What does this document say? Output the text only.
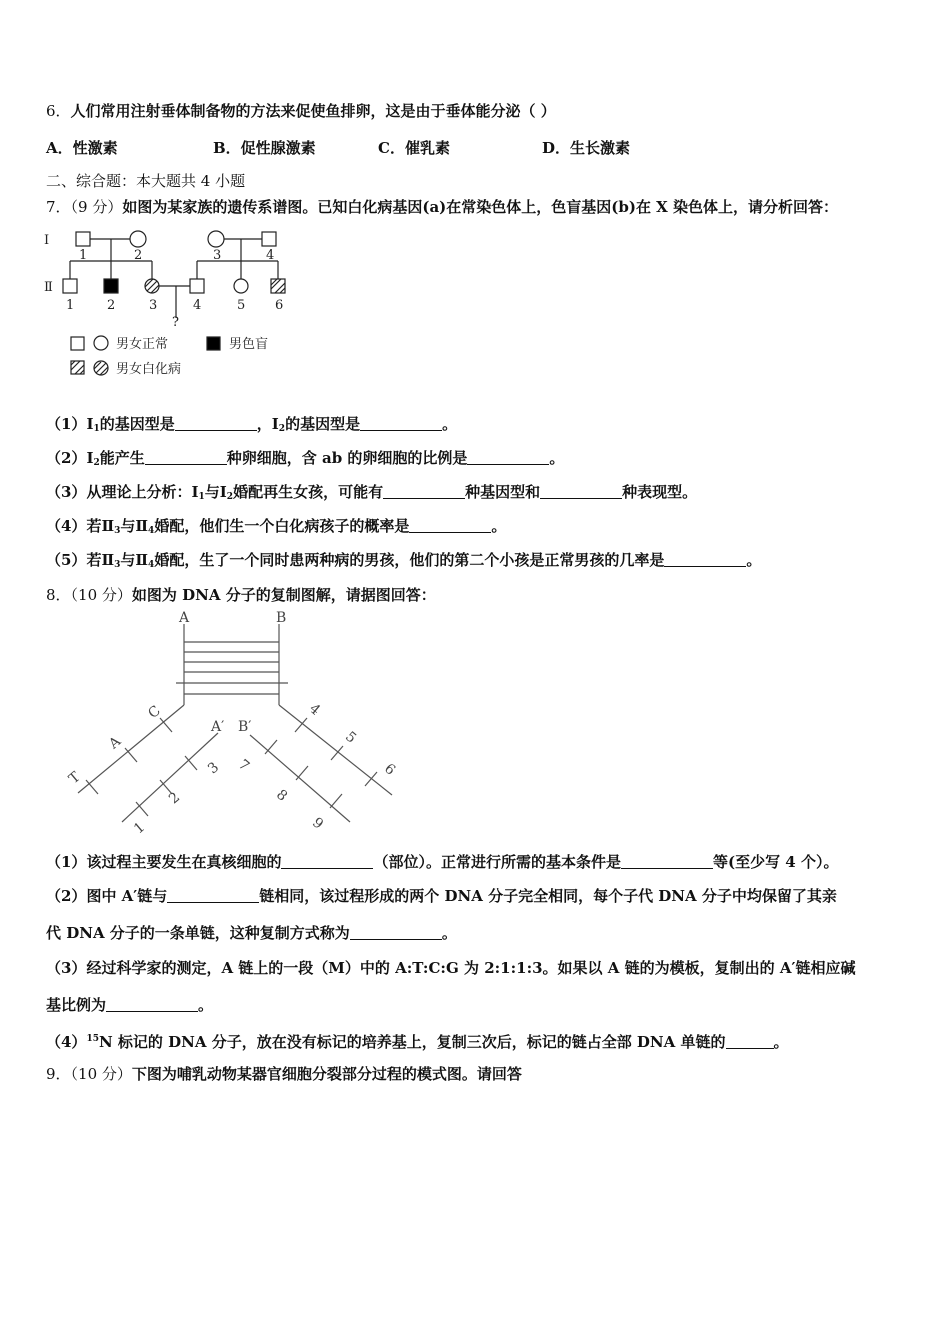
6．人们常用注射垂体制备物的方法来促使鱼排卵，这是由于垂体能分泌（ ）
A．性激素	B．促性腺激素	C．催乳素	D．生长激素
二、综合题：本大题共 4 小题
7．（9 分）如图为某家族的遗传系谱图。已知白化病基因(a)在常染色体上，色盲基因(b)在 X 染色体上，请分析回答：
Ⅰ
Ⅱ
1	2	3	4
1	2	3	4	5 6
?
男女正常	男色盲
男女白化病
$(1)Ⅰ_1$的基因型是	，$Ⅰ_2$的基因型是	。
$(2)Ⅰ_2$能产生	种卵细胞，含 ab 的卵细胞的比例是	。
（3）从理论上分析：$Ⅰ_1$与$Ⅰ_2$婚配再生女孩，可能有	种基因型和	种表现型。
（4）若$Ⅱ_3$与$Ⅱ_4$婚配，他们生一个白化病孩子的概率是	。
（5）若$Ⅱ_3$与$Ⅱ_4$婚配，生了一个同时患两种病的男孩，他们的第二个小孩是正常男孩的几率是	。
8．（10 分）如图为 DNA 分子的复制图解，请据图回答：
A	B
C
A
T
A′ B′
1
2
3
4
5
6
7
8
9
（1）该过程主要发生在真核细胞的	（部位）。正常进行所需的基本条件是	等(至少写 4 个）。
（2）图中 A′链与	链相同，该过程形成的两个 DNA 分子完全相同，每个子代 DNA 分子中均保留了其亲
代 DNA 分子的一条单链，这种复制方式称为	。
（3）经过科学家的测定，A 链上的一段（M）中的 A:T:C:G 为 2:1:1:3。如果以 A 链的为模板，复制出的 A′链相应碱
基比例为	。
$(4)^{15}N$ 标记的 DNA 分子，放在没有标记的培养基上，复制三次后，标记的链占全部 DNA 单链的	。
9．（10 分）下图为哺乳动物某器官细胞分裂部分过程的模式图。请回答
